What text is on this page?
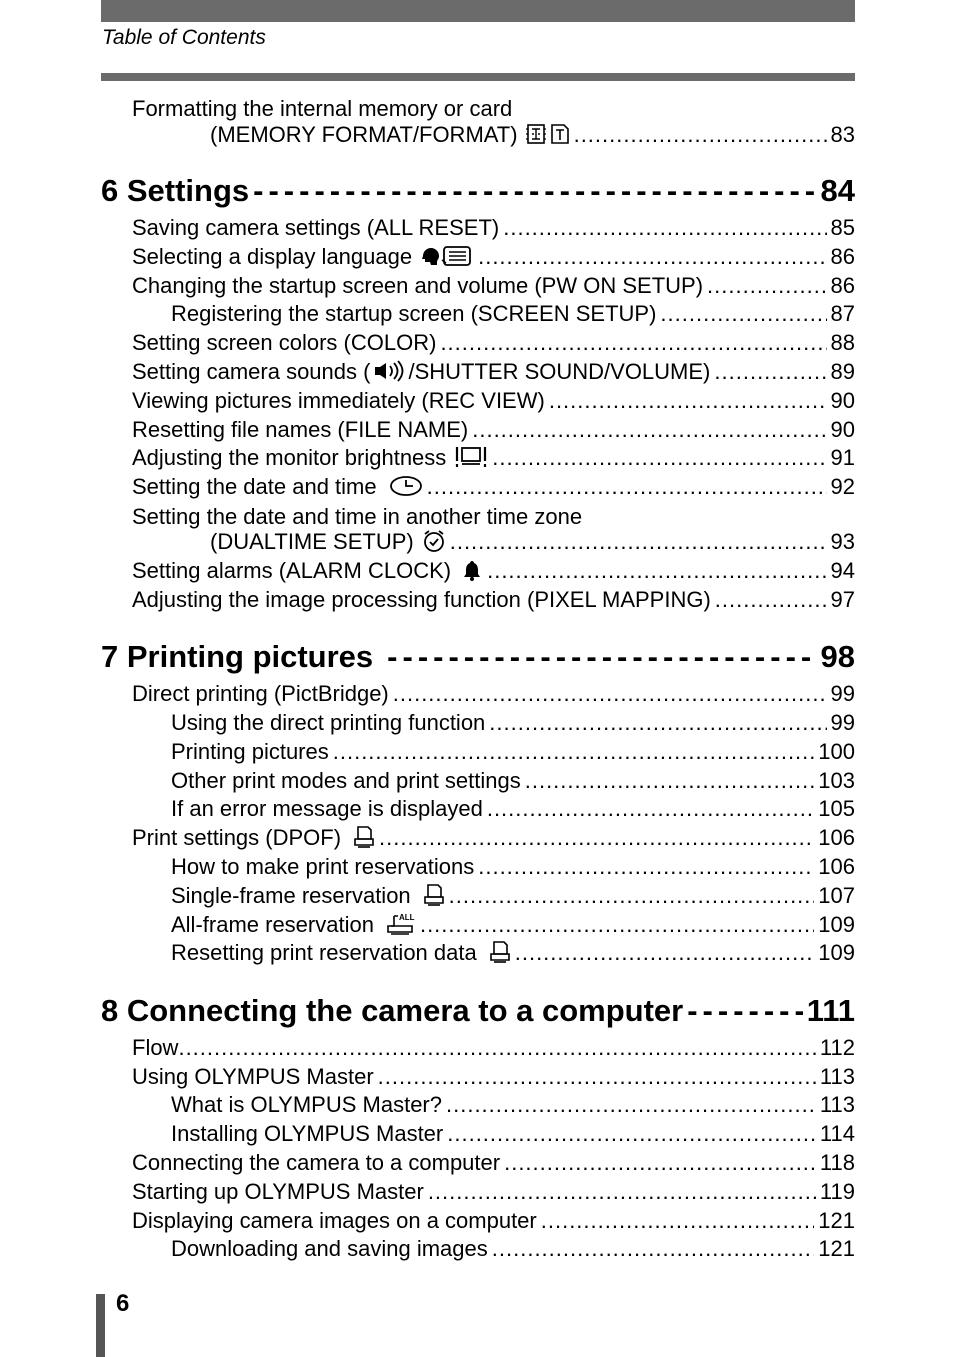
Table of Contents
Formatting the internal memory or card
(MEMORY FORMAT/FORMAT) .....	83
6 Settings -----	84
Saving camera settings (ALL RESET) .....	85
Selecting a display language .....	86
Changing the startup screen and volume (PW ON SETUP) .....	86
Registering the startup screen (SCREEN SETUP) .....	87
Setting screen colors (COLOR) .....	88
Setting camera sounds ( /SHUTTER SOUND/VOLUME) .....	89
Viewing pictures immediately (REC VIEW) .....	90
Resetting file names (FILE NAME) .....	90
Adjusting the monitor brightness .....	91
Setting the date and time .....	92
Setting the date and time in another time zone
(DUALTIME SETUP) .....	93
Setting alarms (ALARM CLOCK) .....	94
Adjusting the image processing function (PIXEL MAPPING) .....	97
7 Printing pictures -----	98
Direct printing (PictBridge) .....	99
Using the direct printing function .....	99
Printing pictures .....	100
Other print modes and print settings .....	103
If an error message is displayed .....	105
Print settings (DPOF) .....	106
How to make print reservations .....	106
Single-frame reservation .....	107
All-frame reservation	ALL .....	109
Resetting print reservation data .....	109
8 Connecting the camera to a computer -----	111
Flow .....	112
Using OLYMPUS Master .....	113
What is OLYMPUS Master? .....	113
Installing OLYMPUS Master .....	114
Connecting the camera to a computer .....	118
Starting up OLYMPUS Master .....	119
Displaying camera images on a computer .....	121
Downloading and saving images .....	121
6
